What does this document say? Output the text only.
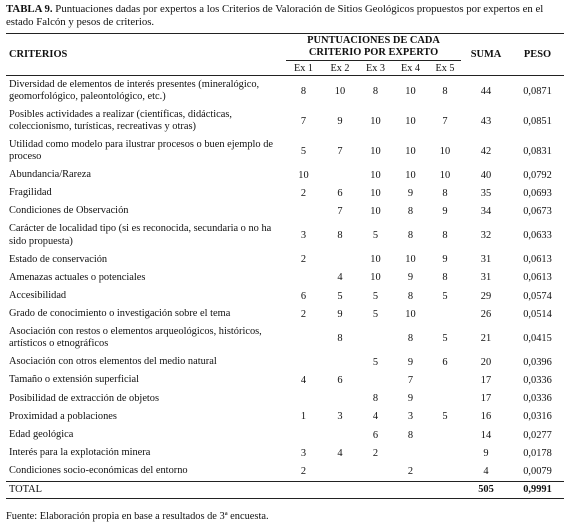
TABLA 9. Puntuaciones dadas por expertos a los Criterios de Valoración de Sitios Geológicos propuestos por expertos en el estado Falcón y pesos de criterios.

CRITERIOS	PUNTUACIONES DE CADA
CRITERIO POR EXPERTO					SUMA	PESO
	Ex 1	Ex 2	Ex 3	Ex 4	Ex 5		
Diversidad de elementos de interés presentes (mineralógico, geomorfológico, paleontológico, etc.)	8	10	8	10	8	44	0,0871
Posibles actividades a realizar (científicas, didácticas, coleccionismo, turísticas, recreativas y otras)	7	9	10	10	7	43	0,0851
Utilidad como modelo para ilustrar procesos o buen ejemplo de proceso	5	7	10	10	10	42	0,0831
Abundancia/Rareza	10		10	10	10	40	0,0792
Fragilidad	2	6	10	9	8	35	0,0693
Condiciones de Observación		7	10	8	9	34	0,0673
Carácter de localidad tipo (si es reconocida, secundaria o no ha sido propuesta)	3	8	5	8	8	32	0,0633
Estado de conservación	2		10	10	9	31	0,0613
Amenazas actuales o potenciales		4	10	9	8	31	0,0613
Accesibilidad	6	5	5	8	5	29	0,0574
Grado de conocimiento o investigación sobre el tema	2	9	5	10		26	0,0514
Asociación con restos o elementos arqueológicos, históricos, artísticos o etnográficos		8		8	5	21	0,0415
Asociación con otros elementos del medio natural			5	9	6	20	0,0396
Tamaño o extensión superficial	4	6		7		17	0,0336
Posibilidad de extracción de objetos			8	9		17	0,0336
Proximidad a poblaciones	1	3	4	3	5	16	0,0316
Edad geológica			6	8		14	0,0277
Interés para la explotación minera	3	4	2			9	0,0178
Condiciones socio-económicas del entorno	2			2		4	0,0079
TOTAL						505	0,9991
Fuente: Elaboración propia en base a resultados de 3ª encuesta.
